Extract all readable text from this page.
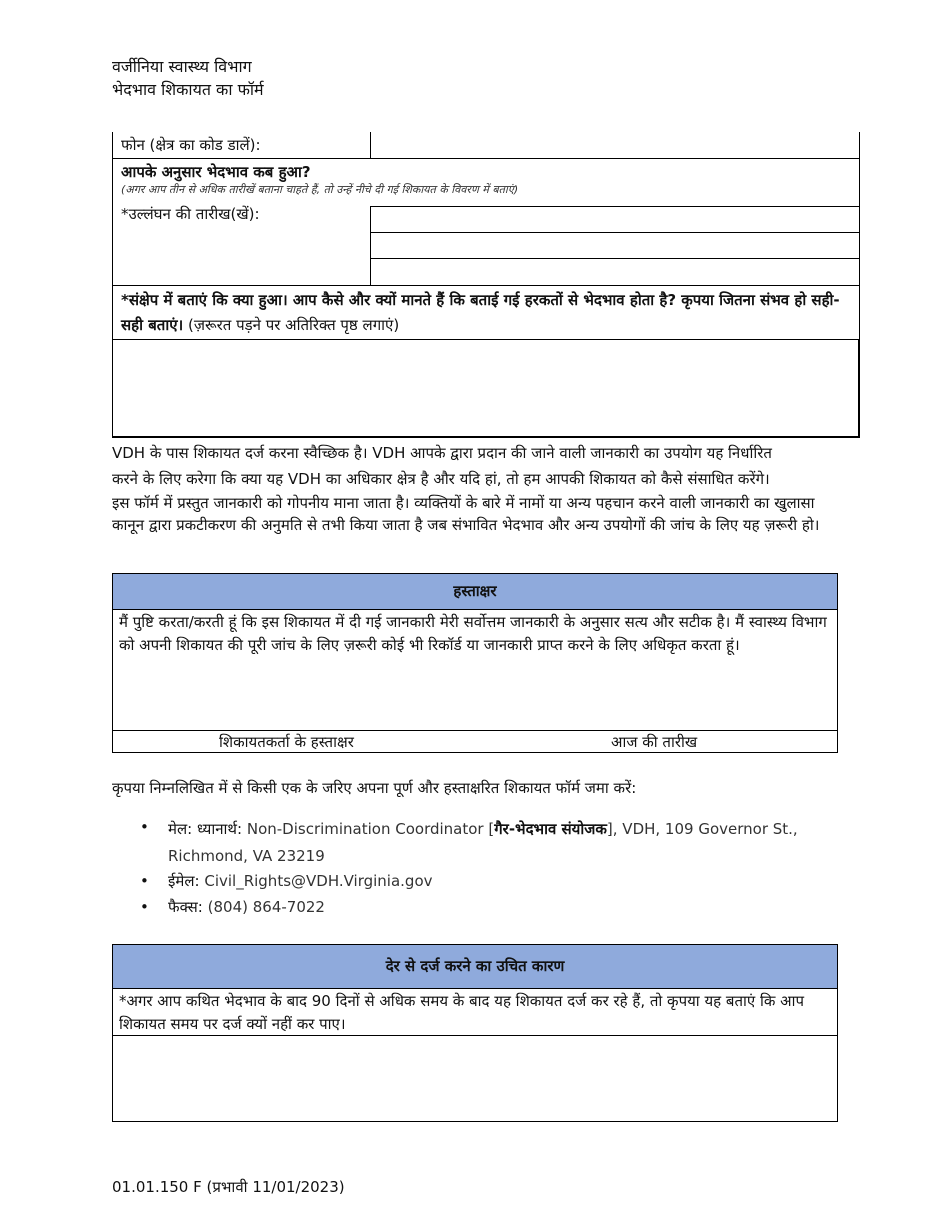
वर्जीनिया स्वास्थ्य विभाग
भेदभाव शिकायत का फॉर्म
फोन (क्षेत्र का कोड डालें):
आपके अनुसार भेदभाव कब हुआ?
(अगर आप तीन से अधिक तारीखें बताना चाहते हैं, तो उन्हें नीचे दी गई शिकायत के विवरण में बताएं)
*उल्लंघन की तारीख(खें):
*संक्षेप में बताएं कि क्या हुआ। आप कैसे और क्यों मानते हैं कि बताई गई हरकतों से भेदभाव होता है? कृपया जितना संभव हो सही-सही बताएं। (ज़रूरत पड़ने पर अतिरिक्त पृष्ठ लगाएं)
VDH के पास शिकायत दर्ज करना स्वैच्छिक है। VDH आपके द्वारा प्रदान की जाने वाली जानकारी का उपयोग यह निर्धारित
करने के लिए करेगा कि क्या यह VDH का अधिकार क्षेत्र है और यदि हां, तो हम आपकी शिकायत को कैसे संसाधित करेंगे।
इस फॉर्म में प्रस्तुत जानकारी को गोपनीय माना जाता है। व्यक्तियों के बारे में नामों या अन्य पहचान करने वाली जानकारी का खुलासा कानून द्वारा प्रकटीकरण की अनुमति से तभी किया जाता है जब संभावित भेदभाव और अन्य उपयोगों की जांच के लिए यह ज़रूरी हो।
हस्ताक्षर
मैं पुष्टि करता/करती हूं कि इस शिकायत में दी गई जानकारी मेरी सर्वोत्तम जानकारी के अनुसार सत्य और सटीक है। मैं स्वास्थ्य विभाग को अपनी शिकायत की पूरी जांच के लिए ज़रूरी कोई भी रिकॉर्ड या जानकारी प्राप्त करने के लिए अधिकृत करता हूं।
शिकायतकर्ता के हस्ताक्षर	आज की तारीख
कृपया निम्नलिखित में से किसी एक के जरिए अपना पूर्ण और हस्ताक्षरित शिकायत फॉर्म जमा करें:
• मेल: ध्यानार्थ: Non-Discrimination Coordinator [गैर-भेदभाव संयोजक], VDH, 109 Governor St.,
Richmond, VA 23219
• ईमेल: Civil_Rights@VDH.Virginia.gov
• फैक्स: (804) 864-7022
देर से दर्ज करने का उचित कारण
*अगर आप कथित भेदभाव के बाद 90 दिनों से अधिक समय के बाद यह शिकायत दर्ज कर रहे हैं, तो कृपया यह बताएं कि आप शिकायत समय पर दर्ज क्यों नहीं कर पाए।
01.01.150 F (प्रभावी 11/01/2023)
